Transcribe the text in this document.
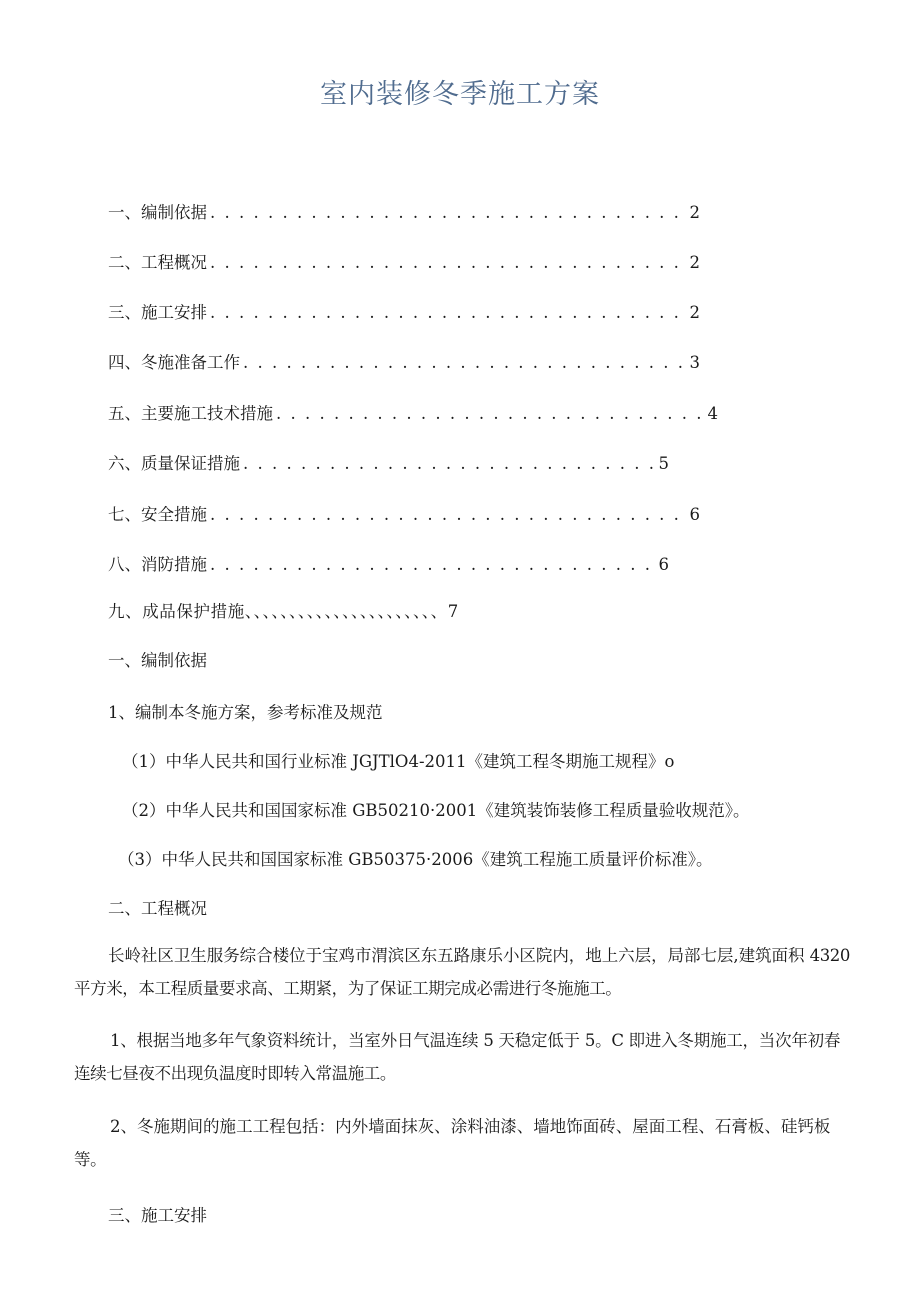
室内装修冬季施工方案
一、编制依据 . . .	2
二、工程概况 . . .	2
三、施工安排 . . .	2
四、冬施准备工作 . . .	3
五、主要施工技术措施 . . .	4
六、质量保证措施 . . .	5
七、安全措施 . . .	6
八、消防措施 . . .	6
九、成品保护措施、、、、、、、、、、、、、、、、、、、、、、7
一、编制依据
1、编制本冬施方案，参考标准及规范
（1）中华人民共和国行业标准 JGJTlO4-2011《建筑工程冬期施工规程》o
（2）中华人民共和国国家标准 GB50210·2001《建筑装饰装修工程质量验收规范》。
（3）中华人民共和国国家标准 GB50375·2006《建筑工程施工质量评价标准》。
二、工程概况
长岭社区卫生服务综合楼位于宝鸡市渭滨区东五路康乐小区院内，地上六层，局部七层,建筑面积 4320 平方米，本工程质量要求高、工期紧，为了保证工期完成必需进行冬施施工。
1、根据当地多年气象资料统计，当室外日气温连续 5 天稳定低于 5。C 即进入冬期施工，当次年初春连续七昼夜不出现负温度时即转入常温施工。
2、冬施期间的施工工程包括：内外墙面抹灰、涂料油漆、墙地饰面砖、屋面工程、石膏板、硅钙板等。
三、施工安排
